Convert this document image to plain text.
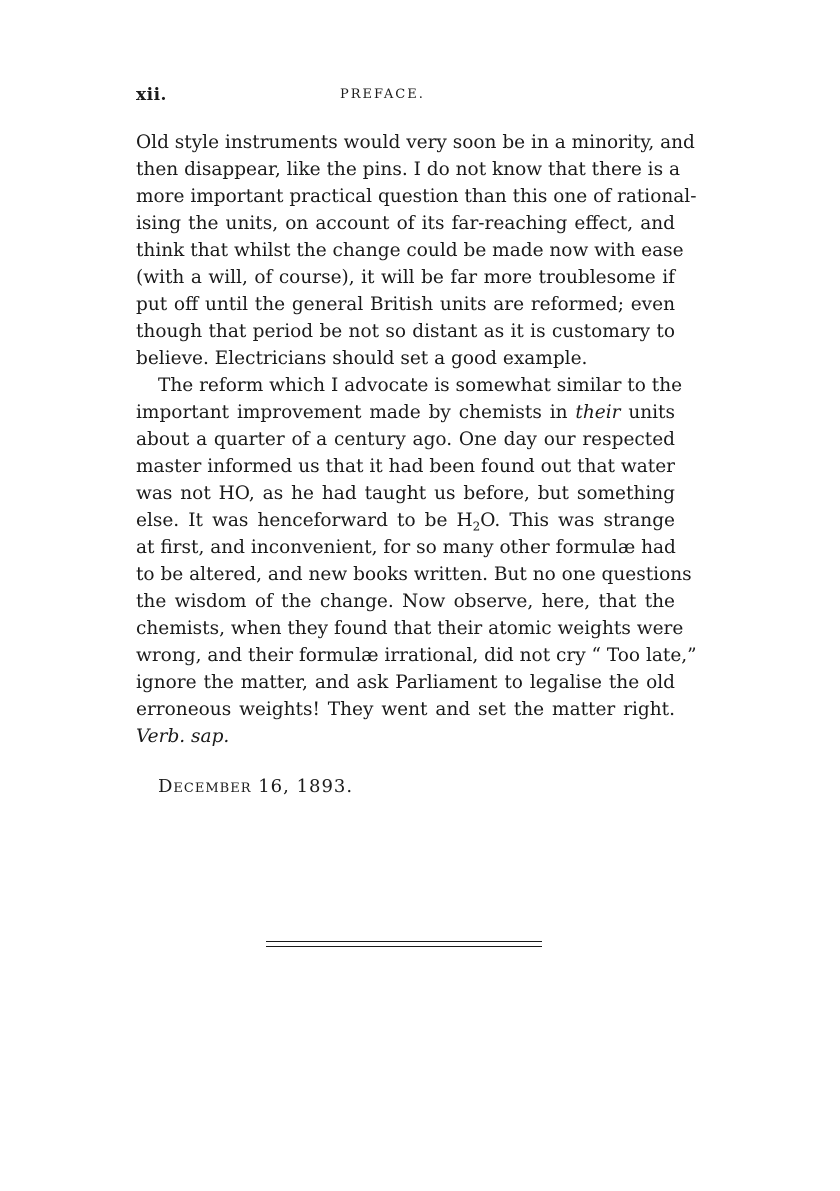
xii.	PREFACE.
Old style instruments would very soon be in a minority, and
then disappear, like the pins. I do not know that there is a
more important practical question than this one of rational-
ising the units, on account of its far-reaching effect, and
think that whilst the change could be made now with ease
(with a will, of course), it will be far more troublesome if
put off until the general British units are reformed; even
though that period be not so distant as it is customary to
believe. Electricians should set a good example.
The reform which I advocate is somewhat similar to the
important improvement made by chemists in their units
about a quarter of a century ago. One day our respected
master informed us that it had been found out that water
was not HO, as he had taught us before, but something
else. It was henceforward to be $H_2O$. This was strange
at first, and inconvenient, for so many other formulæ had
to be altered, and new books written. But no one questions
the wisdom of the change. Now observe, here, that the
chemists, when they found that their atomic weights were
wrong, and their formulæ irrational, did not cry “ Too late,”
ignore the matter, and ask Parliament to legalise the old
erroneous weights! They went and set the matter right.
Verb. sap.
December 16, 1893.
